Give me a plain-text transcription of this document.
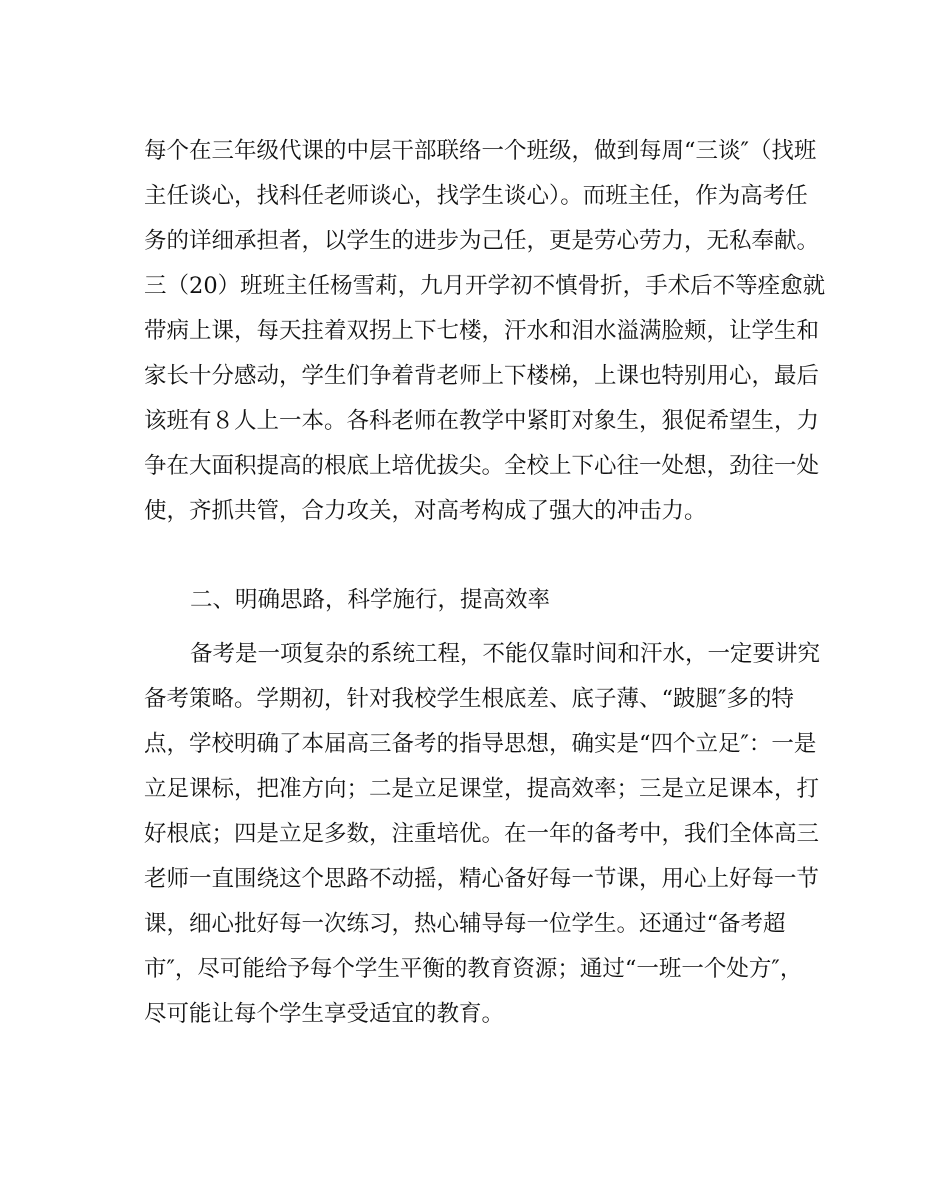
每个在三年级代课的中层干部联络一个班级，做到每周“三谈″（找班
主任谈心，找科任老师谈心，找学生谈心）。而班主任，作为高考任
务的详细承担者，以学生的进步为己任，更是劳心劳力，无私奉献。
三（20）班班主任杨雪莉，九月开学初不慎骨折，手术后不等痊愈就
带病上课，每天拄着双拐上下七楼，汗水和泪水溢满脸颊，让学生和
家长十分感动，学生们争着背老师上下楼梯，上课也特别用心，最后
该班有８人上一本。各科老师在教学中紧盯对象生，狠促希望生，力
争在大面积提高的根底上培优拔尖。全校上下心往一处想，劲往一处
使，齐抓共管，合力攻关，对高考构成了强大的冲击力。
二、明确思路，科学施行，提高效率
备考是一项复杂的系统工程，不能仅靠时间和汗水，一定要讲究
备考策略。学期初，针对我校学生根底差、底子薄、“跛腿″多的特
点，学校明确了本届高三备考的指导思想，确实是“四个立足″：一是
立足课标，把准方向；二是立足课堂，提高效率；三是立足课本，打
好根底；四是立足多数，注重培优。在一年的备考中，我们全体高三
老师一直围绕这个思路不动摇，精心备好每一节课，用心上好每一节
课，细心批好每一次练习，热心辅导每一位学生。还通过“备考超
市″，尽可能给予每个学生平衡的教育资源；通过“一班一个处方″，
尽可能让每个学生享受适宜的教育。
